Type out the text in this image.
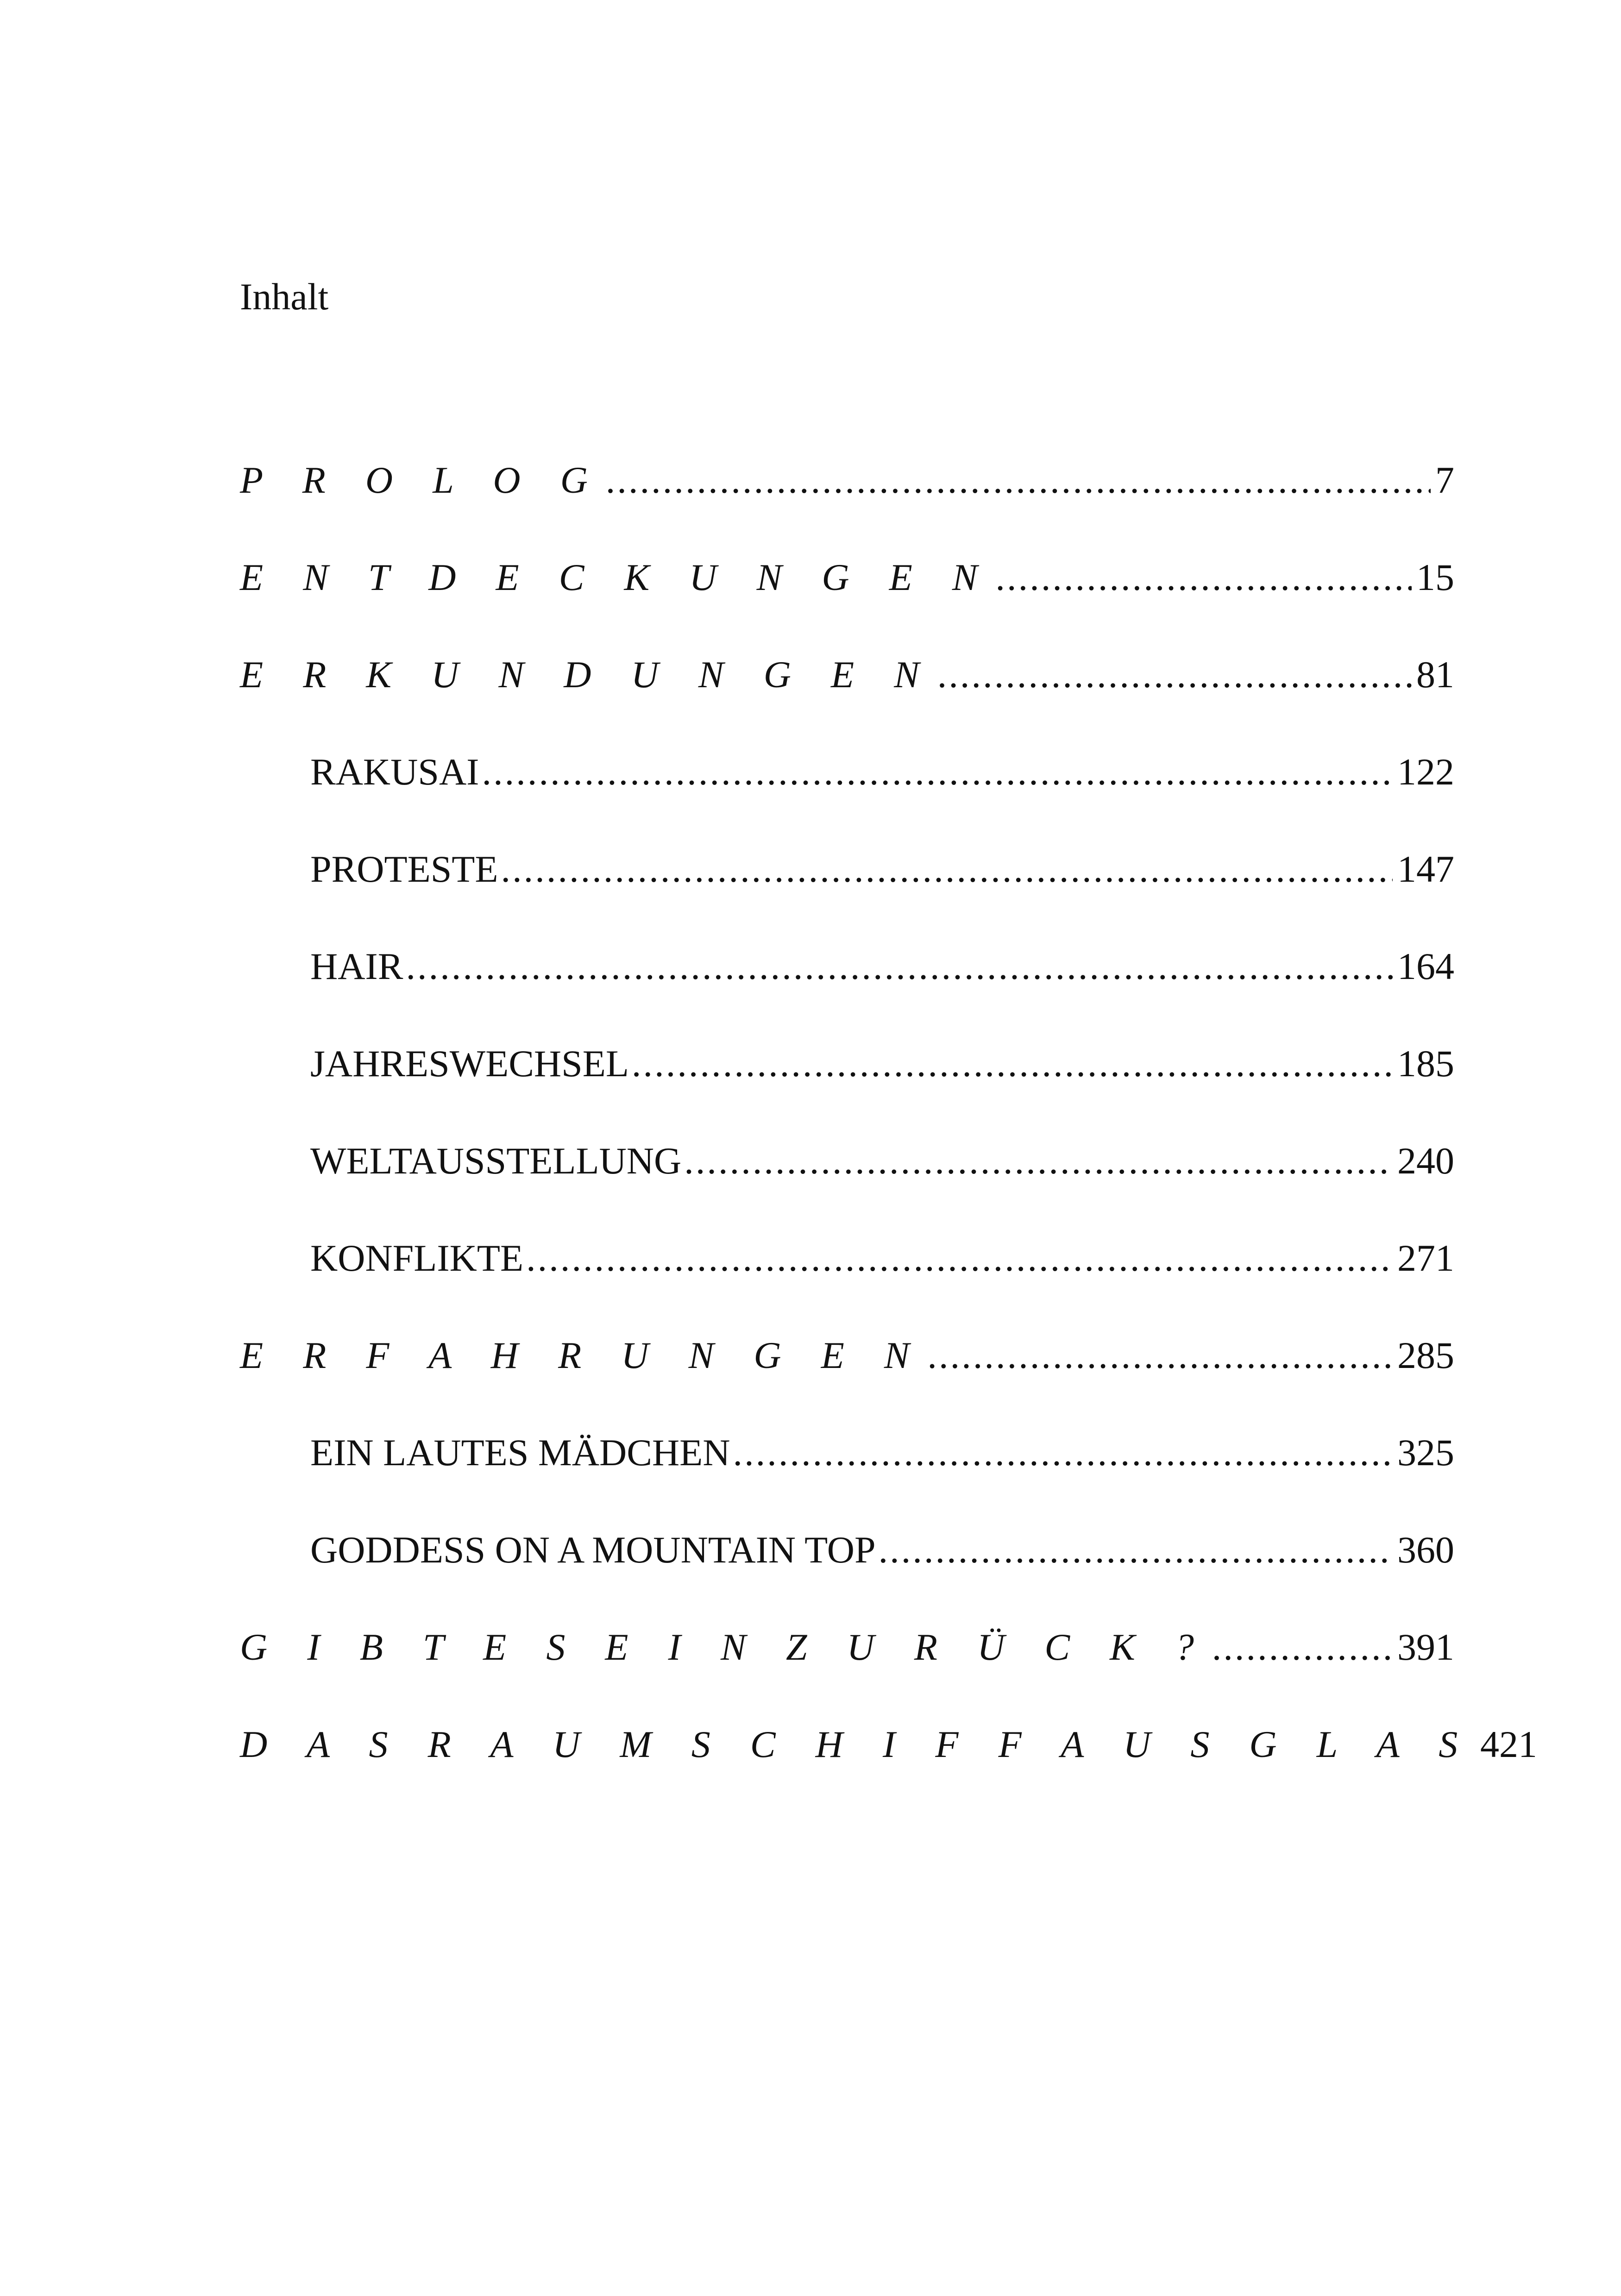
Inhalt
P R O L O G .....	7
E N T D E C K U N G E N .....	15
E R K U N D U N G E N .....	81
RAKUSAI .....	122
PROTESTE .....	147
HAIR .....	164
JAHRESWECHSEL .....	185
WELTAUSSTELLUNG .....	240
KONFLIKTE .....	271
E R F A H R U N G E N .....	285
EIN LAUTES MÄDCHEN .....	325
GODDESS ON A MOUNTAIN TOP .....	360
G I B T E S E I N Z U R Ü C K ? .....	391
D A S R A U M S C H I F F A U S G L A S 421
